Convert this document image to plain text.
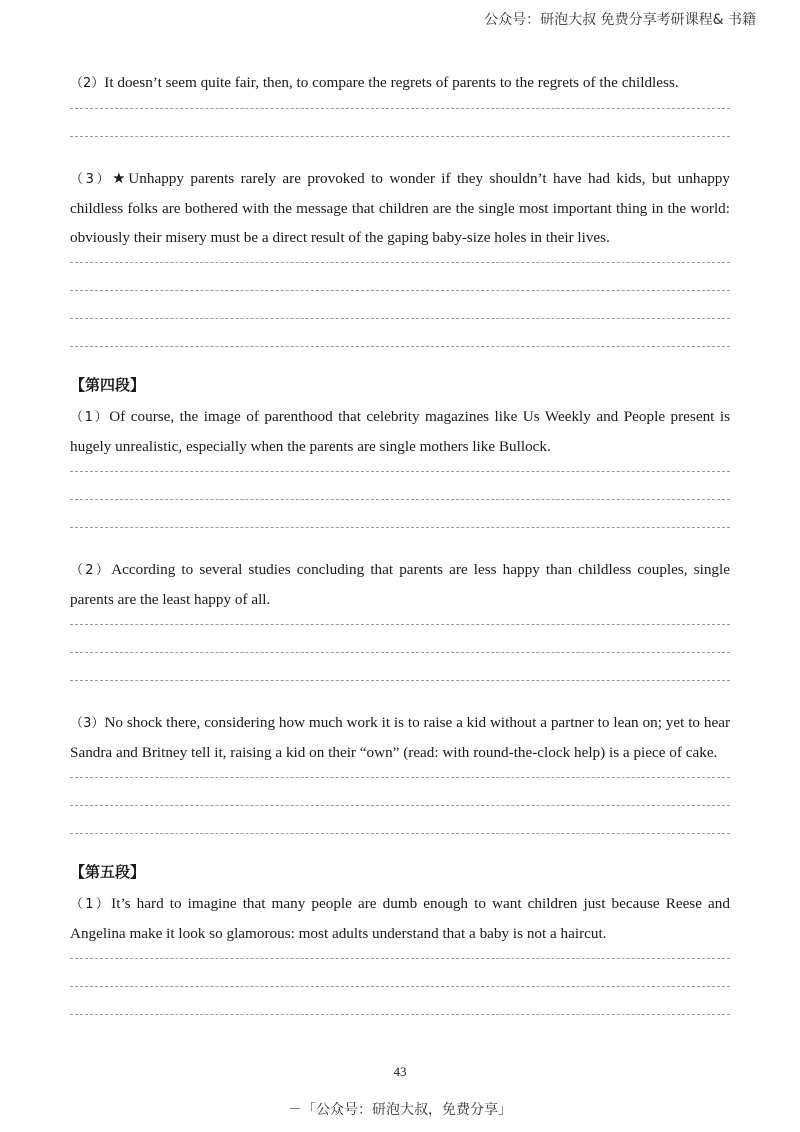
公众号：研泡大叔 免费分享考研课程& 书籍

（2）It doesn’t seem quite fair, then, to compare the regrets of parents to the regrets of the childless.

（3）★Unhappy parents rarely are provoked to wonder if they shouldn’t have had kids, but unhappy childless folks are bothered with the message that children are the single most important thing in the world: obviously their misery must be a direct result of the gaping baby-size holes in their lives.

【第四段】

（1）Of course, the image of parenthood that celebrity magazines like Us Weekly and People present is hugely unrealistic, especially when the parents are single mothers like Bullock.

（2）According to several studies concluding that parents are less happy than childless couples, single parents are the least happy of all.

（3）No shock there, considering how much work it is to raise a kid without a partner to lean on; yet to hear Sandra and Britney tell it, raising a kid on their “own” (read: with round-the-clock help) is a piece of cake.

【第五段】

（1）It’s hard to imagine that many people are dumb enough to want children just because Reese and Angelina make it look so glamorous: most adults understand that a baby is not a haircut.

43
－「公众号：研泡大叔，免费分享」
